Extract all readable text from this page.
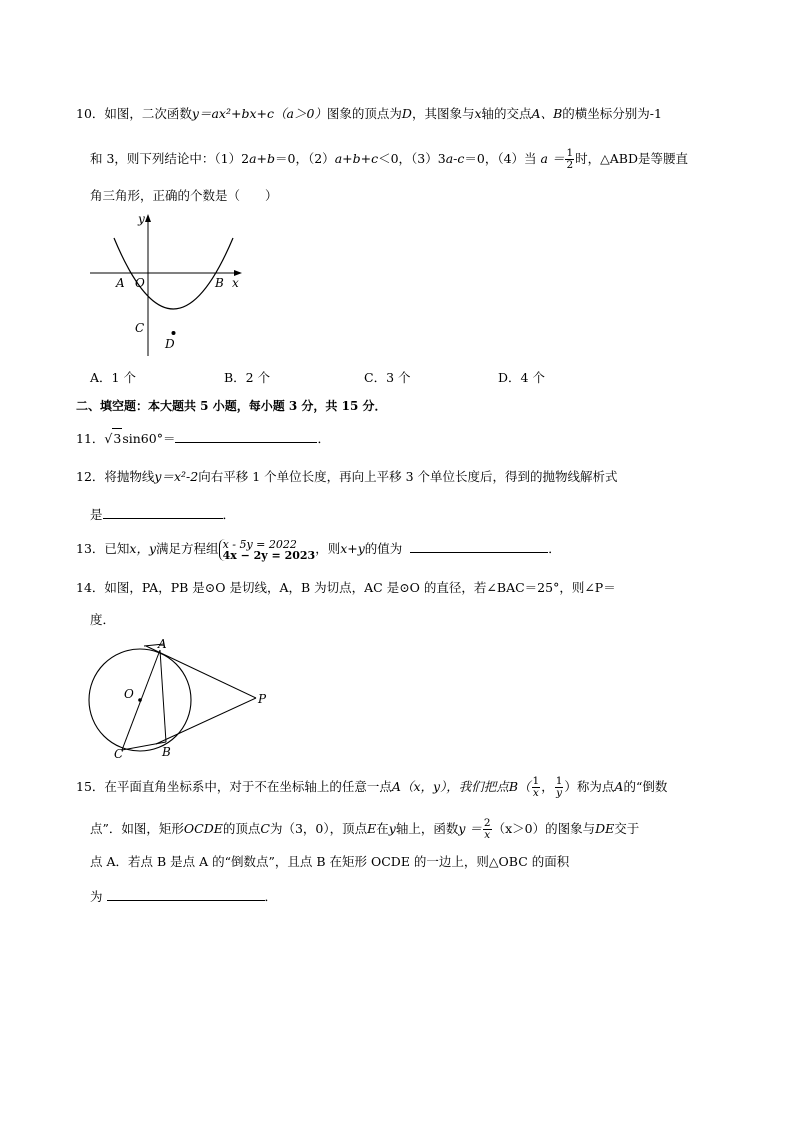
10．如图，二次函数y＝ax²+bx+c（a＞0）图象的顶点为D，其图象与x轴的交点A、B的横坐标分别为-1
和 3，则下列结论中：（1）2a+b＝0，（2）a+b+c＜0，（3）3a-c＝0，（4）当 $a = \frac{1}{2}$ 时，△ABD是等腰直
角三角形，正确的个数是（　　）
y
x
A O	B
C
D
A．1 个	B．2 个	C．3 个	D．4 个
二、填空题：本大题共 5 小题，每小题 3 分，共 15 分．
11．√3sin60°＝	．
12．将抛物线y＝x²-2向右平移 1 个单位长度，再向上平移 3 个单位长度后，得到的抛物线解析式
是	．
13．已知x，y满足方程组 x - 5y = 2022
4x − 2y = 2023 ，则x+y的值为	．
14．如图，PA，PB 是⊙O 是切线，A，B 为切点，AC 是⊙O 的直径，若∠BAC＝25°，则∠P＝
度．
A
O	P
C	B
15．在平面直角坐标系中，对于不在坐标轴上的任意一点A（x，y），我们把点$B( \frac{1}{x}$ ， $\frac{1}{y}$ ）称为点A的“倒数
点”．如图，矩形OCDE的顶点C为（3，0），顶点E在y轴上，函数$y = \frac{2}{x} (x>0)$的图象与DE交于
点 A．若点 B 是点 A 的“倒数点”，且点 B 在矩形 OCDE 的一边上，则△OBC 的面积
为	．
